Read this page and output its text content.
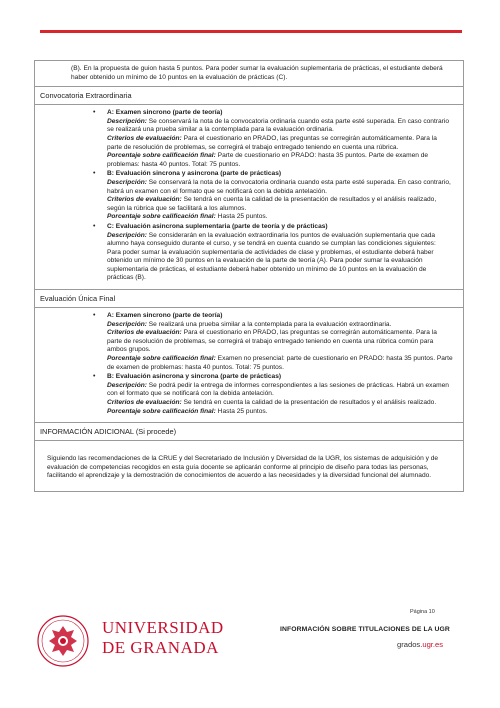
(B). En la propuesta de guion hasta 5 puntos. Para poder sumar la evaluación suplementaria de prácticas, el estudiante deberá haber obtenido un mínimo de 10 puntos en la evaluación de prácticas (C).
Convocatoria Extraordinaria
• A: Examen sincrono (parte de teoría)
Descripción: Se conservará la nota de la convocatoria ordinaria cuando esta parte esté superada. En caso contrario se realizará una prueba similar a la contemplada para la evaluación ordinaria.
Criterios de evaluación: Para el cuestionario en PRADO, las preguntas se corregirán automáticamente. Para la parte de resolución de problemas, se corregirá el trabajo entregado teniendo en cuenta una rúbrica.
Porcentaje sobre calificación final: Parte de cuestionario en PRADO: hasta 35 puntos. Parte de examen de problemas: hasta 40 puntos. Total: 75 puntos.
• B: Evaluación sincrona y asincrona (parte de prácticas)
Descripción: Se conservará la nota de la convocatoria ordinaria cuando esta parte esté superada. En caso contrario, habrá un examen con el formato que se notificará con la debida antelación.
Criterios de evaluación: Se tendrá en cuenta la calidad de la presentación de resultados y el análisis realizado, según la rúbrica que se facilitará a los alumnos.
Porcentaje sobre calificación final: Hasta 25 puntos.
• C: Evaluación asincrona suplementaria (parte de teoría y de prácticas)
Descripción: Se considerarán en la evaluación extraordinaria los puntos de evaluación suplementaria que cada alumno haya conseguido durante el curso, y se tendrá en cuenta cuando se cumplan las condiciones siguientes:
Para poder sumar la evaluación suplementaria de actividades de clase y problemas, el estudiante deberá haber obtenido un mínimo de 30 puntos en la evaluación de la parte de teoría (A). Para poder sumar la evaluación suplementaria de prácticas, el estudiante deberá haber obtenido un mínimo de 10 puntos en la evaluación de prácticas (B).
Evaluación Única Final
• A: Examen sincrono (parte de teoría)
Descripción: Se realizará una prueba similar a la contemplada para la evaluación extraordinaria.
Criterios de evaluación: Para el cuestionario en PRADO, las preguntas se corregirán automáticamente. Para la parte de resolución de problemas, se corregirá el trabajo entregado teniendo en cuenta una rúbrica común para ambos grupos.
Porcentaje sobre calificación final: Examen no presencial: parte de cuestionario en PRADO: hasta 35 puntos. Parte de examen de problemas: hasta 40 puntos. Total: 75 puntos.
• B: Evaluación asincrona y sincrona (parte de prácticas)
Descripción: Se podrá pedir la entrega de informes correspondientes a las sesiones de prácticas. Habrá un examen con el formato que se notificará con la debida antelación.
Criterios de evaluación: Se tendrá en cuenta la calidad de la presentación de resultados y el análisis realizado.
Porcentaje sobre calificación final: Hasta 25 puntos.
INFORMACIÓN ADICIONAL (Si procede)
Siguiendo las recomendaciones de la CRUE y del Secretariado de Inclusión y Diversidad de la UGR, los sistemas de adquisición y de evaluación de competencias recogidos en esta guía docente se aplicarán conforme al principio de diseño para todas las personas, facilitando el aprendizaje y la demostración de conocimientos de acuerdo a las necesidades y la diversidad funcional del alumnado.
UNIVERSIDAD
DE GRANADA
Página 10
INFORMACIÓN SOBRE TITULACIONES DE LA UGR
grados.ugr.es
